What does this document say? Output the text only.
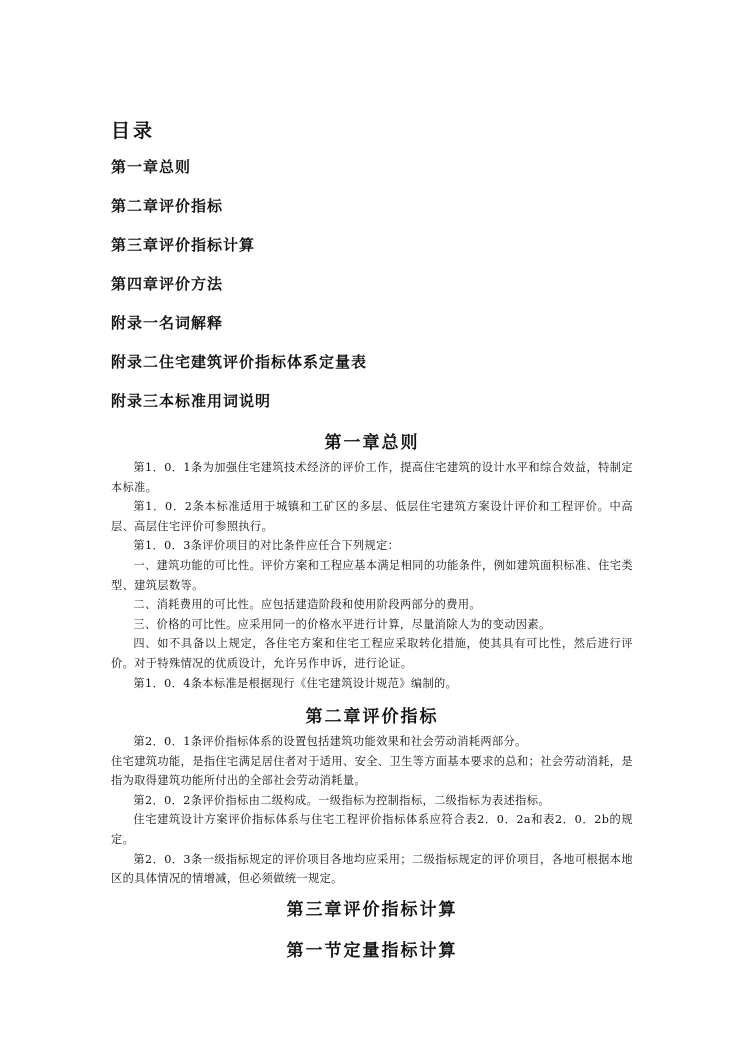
目录
第一章总则
第二章评价指标
第三章评价指标计算
第四章评价方法
附录一名词解释
附录二住宅建筑评价指标体系定量表
附录三本标准用词说明
第一章总则

第1．0．1条为加强住宅建筑技术经济的评价工作，提高住宅建筑的设计水平和综合效益，特制定本标准。

第1．0．2条本标准适用于城镇和工矿区的多层、低层住宅建筑方案设计评价和工程评价。中高层、高层住宅评价可参照执行。

第1．0．3条评价项目的对比条件应任合下列规定：

一、建筑功能的可比性。评价方案和工程应基本满足相同的功能条件，例如建筑面积标准、住宅类型、建筑层数等。

二、消耗费用的可比性。应包括建造阶段和使用阶段两部分的费用。

三、价格的可比性。应采用同一的价格水平进行计算，尽量消除人为的变动因素。

四、如不具备以上规定，各住宅方案和住宅工程应采取转化措施，使其具有可比性，然后进行评价。对于特殊情况的优质设计，允许另作申诉，进行论证。

第1．0．4条本标准是根据现行《住宅建筑设计规范》编制的。

第二章评价指标

第2．0．1条评价指标体系的设置包括建筑功能效果和社会劳动消耗两部分。

住宅建筑功能，是指住宅满足居住者对于适用、安全、卫生等方面基本要求的总和；社会劳动消耗，是指为取得建筑功能所付出的全部社会劳动消耗量。

第2．0．2条评价指标由二级构成。一级指标为控制指标，二级指标为表述指标。

住宅建筑设计方案评价指标体系与住宅工程评价指标体系应符合表2．0．2a和表2．0．2b的规定。

第2．0．3条一级指标规定的评价项目各地均应采用；二级指标规定的评价项目，各地可根据本地区的具体情况的情增减，但必须做统一规定。

第三章评价指标计算
第一节定量指标计算
